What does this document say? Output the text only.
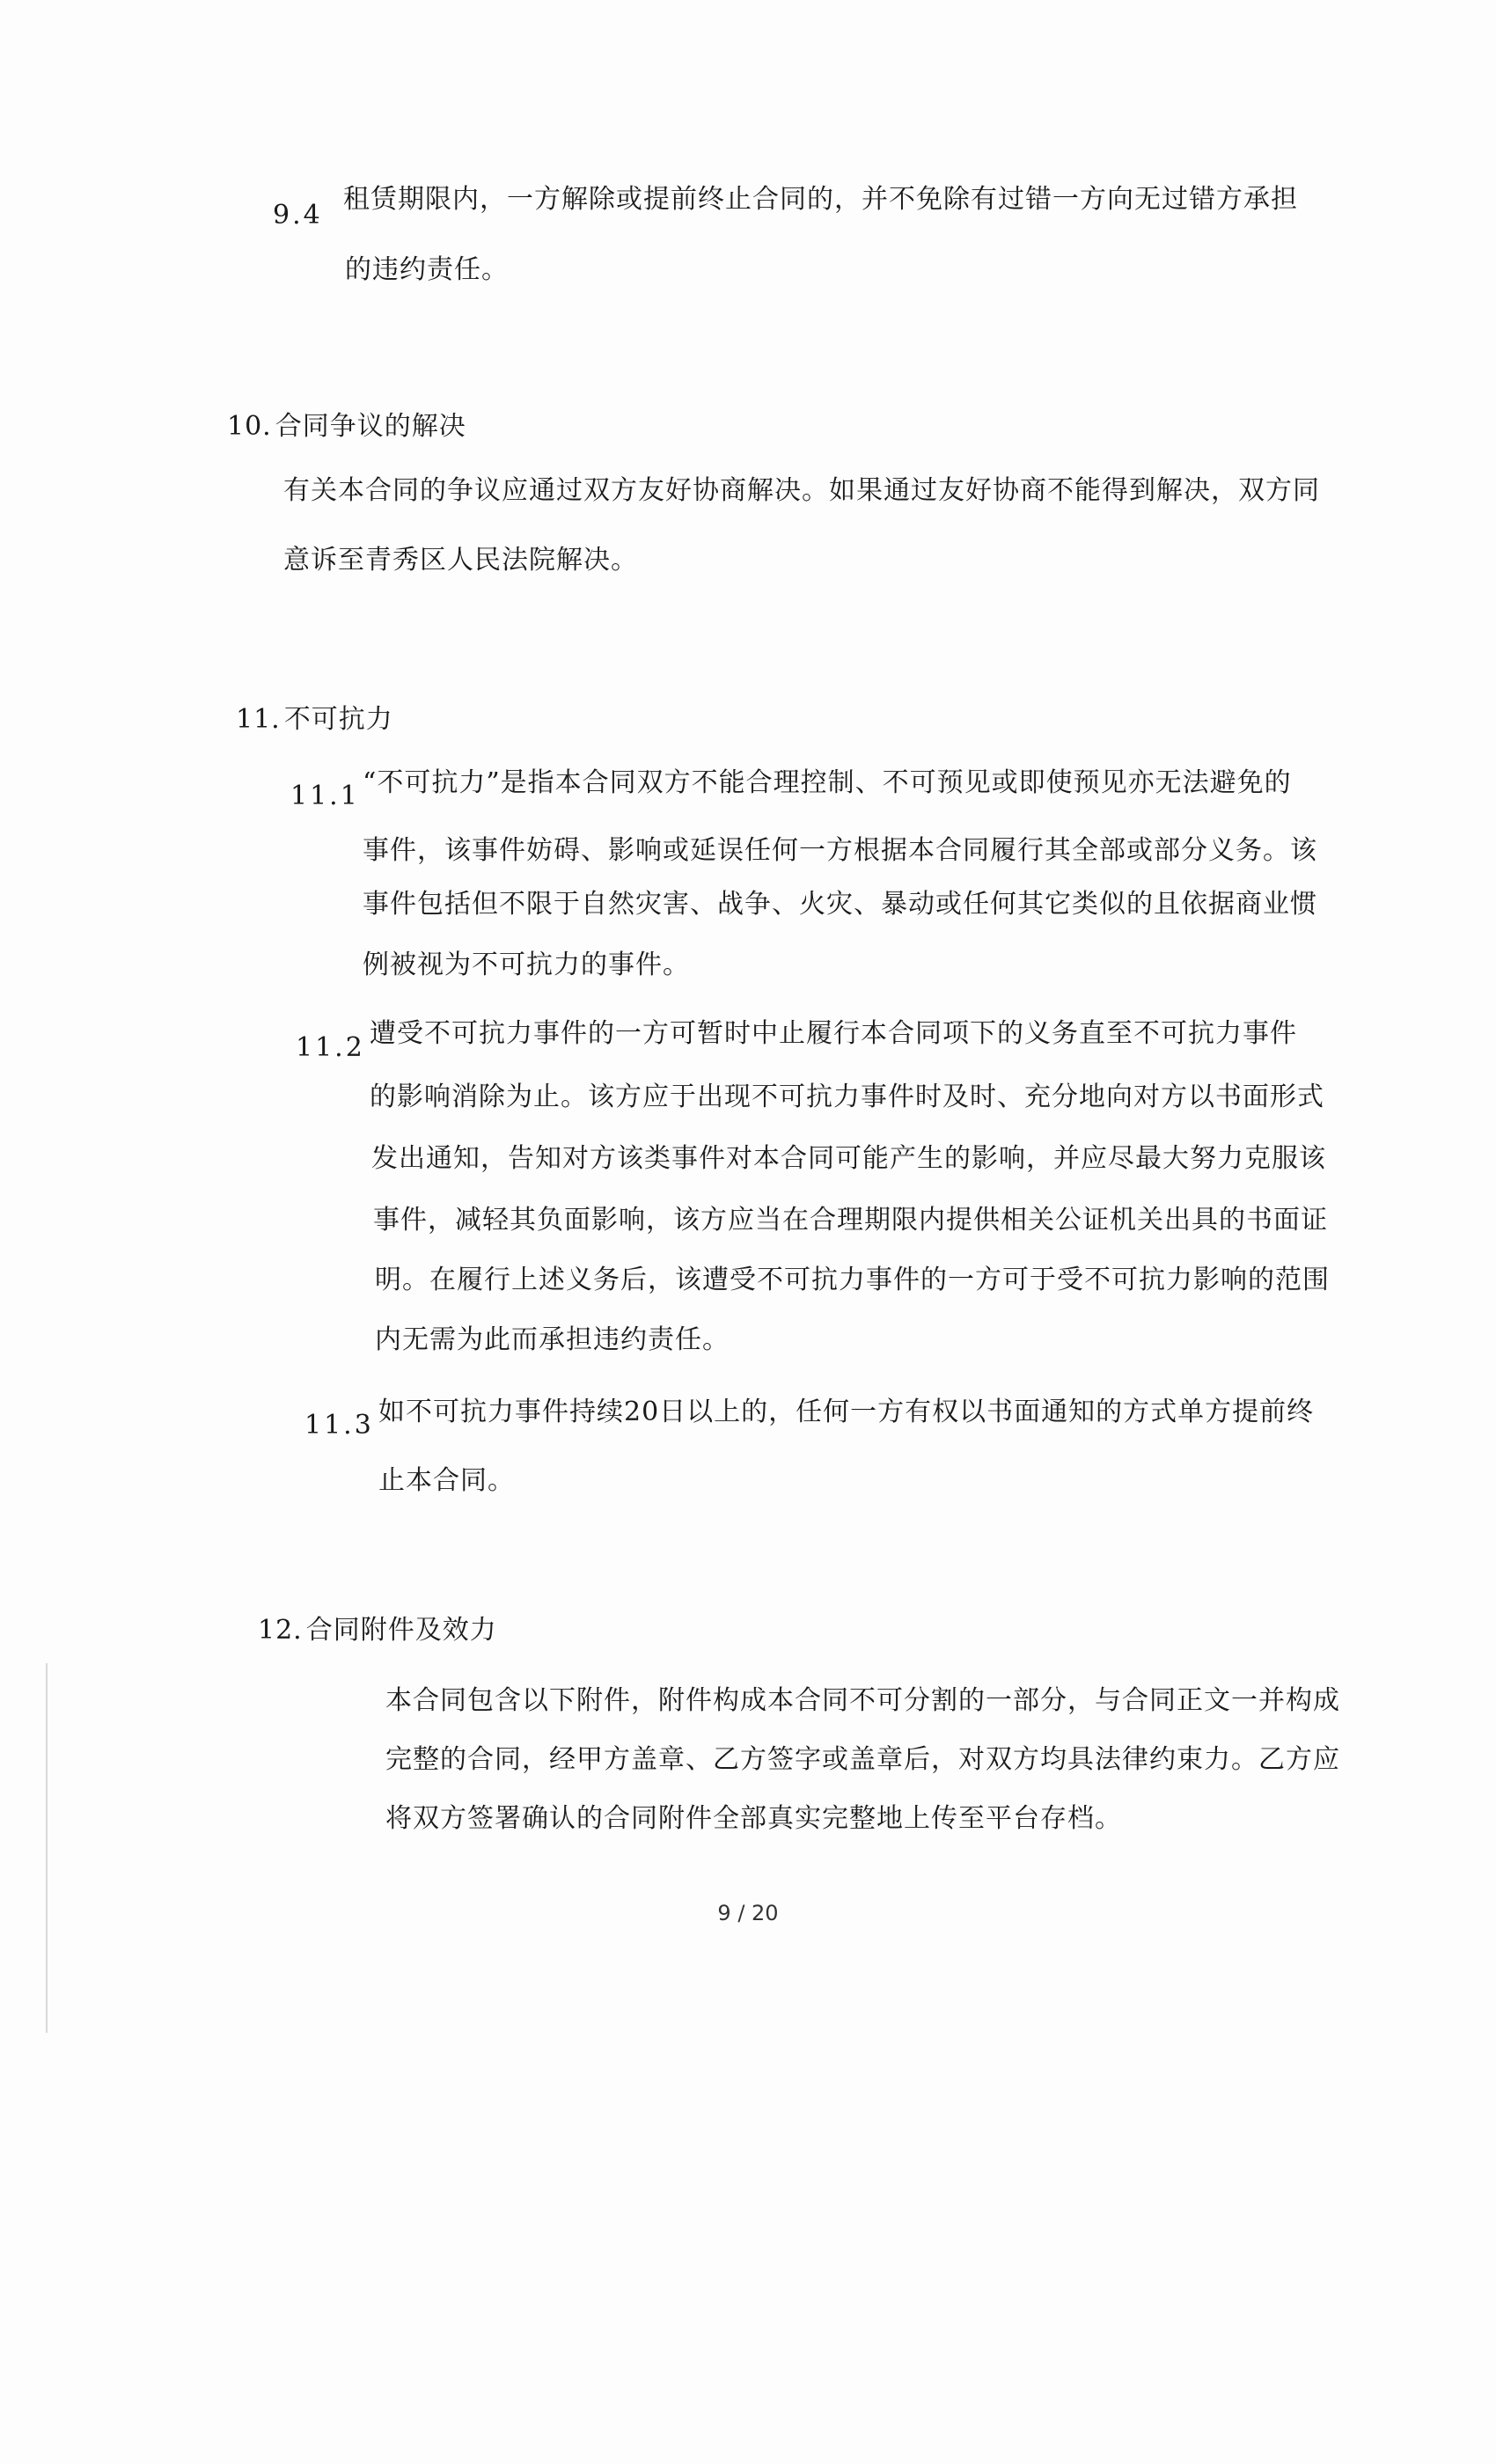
9.4
租赁期限内，一方解除或提前终止合同的，并不免除有过错一方向无过错方承担
的违约责任。
10. 合同争议的解决
有关本合同的争议应通过双方友好协商解决。如果通过友好协商不能得到解决，双方同
意诉至青秀区人民法院解决。
11. 不可抗力
11.1 “不可抗力”是指本合同双方不能合理控制、不可预见或即使预见亦无法避免的
事件，该事件妨碍、影响或延误任何一方根据本合同履行其全部或部分义务。该
事件包括但不限于自然灾害、战争、火灾、暴动或任何其它类似的且依据商业惯
例被视为不可抗力的事件。
11.2 遭受不可抗力事件的一方可暂时中止履行本合同项下的义务直至不可抗力事件
的影响消除为止。该方应于出现不可抗力事件时及时、充分地向对方以书面形式
发出通知，告知对方该类事件对本合同可能产生的影响，并应尽最大努力克服该
事件，减轻其负面影响，该方应当在合理期限内提供相关公证机关出具的书面证
明。在履行上述义务后，该遭受不可抗力事件的一方可于受不可抗力影响的范围
内无需为此而承担违约责任。
11.3 如不可抗力事件持续20日以上的，任何一方有权以书面通知的方式单方提前终
止本合同。
12. 合同附件及效力
本合同包含以下附件，附件构成本合同不可分割的一部分，与合同正文一并构成
完整的合同，经甲方盖章、乙方签字或盖章后，对双方均具法律约束力。乙方应
将双方签署确认的合同附件全部真实完整地上传至平台存档。
9 / 20
